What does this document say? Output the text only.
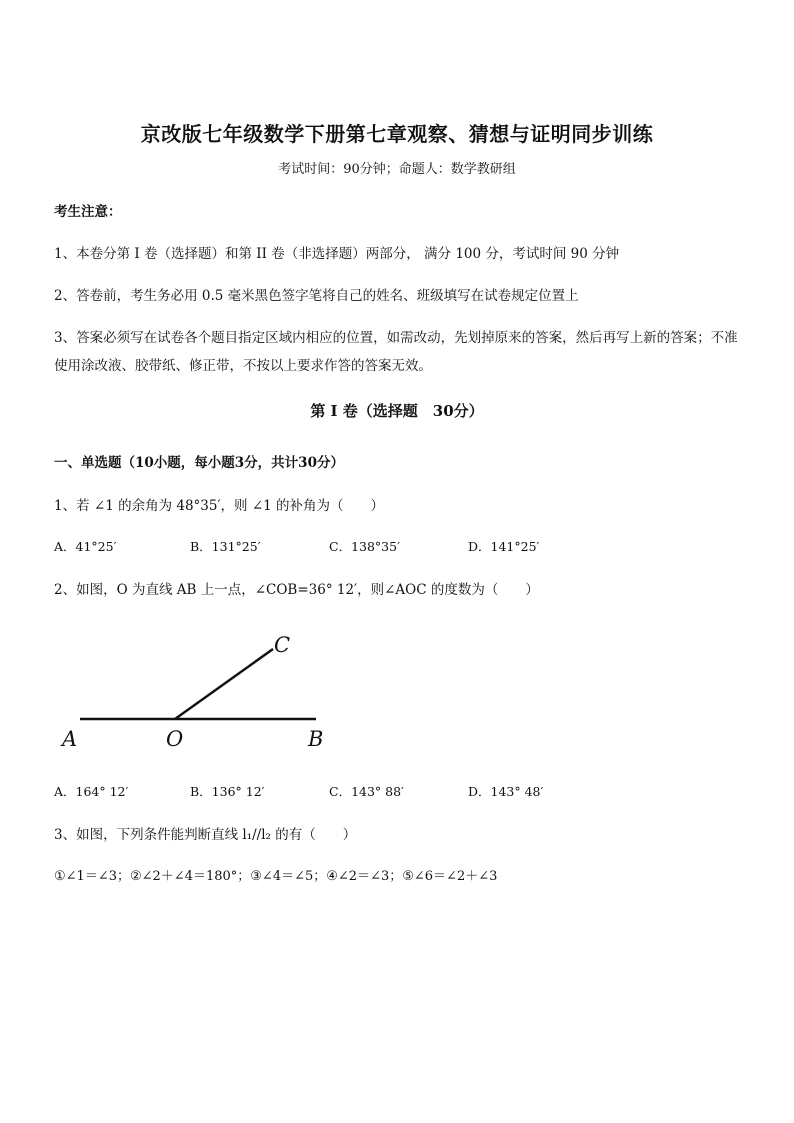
京改版七年级数学下册第七章观察、猜想与证明同步训练
考试时间：90分钟；命题人：数学教研组
考生注意：
1、本卷分第 I 卷（选择题）和第 II 卷（非选择题）两部分， 满分 100 分，考试时间 90 分钟
2、答卷前，考生务必用 0.5 毫米黑色签字笔将自己的姓名、班级填写在试卷规定位置上
3、答案必须写在试卷各个题目指定区域内相应的位置，如需改动，先划掉原来的答案，然后再写上新的答案；不准使用涂改液、胶带纸、修正带，不按以上要求作答的答案无效。
第 I 卷（选择题　30分）
一、单选题（10小题，每小题3分，共计30分）
1、若 ∠1 的余角为 48°35′，则 ∠1 的补角为（　　）
A．41°25′	B．131°25′	C．138°35′	D．141°25′
2、如图，O 为直线 AB 上一点，∠COB=36° 12′，则∠AOC 的度数为（　　）
A	O	B
C
A．164° 12′	B．136° 12′	C．143° 88′	D．143° 48′
3、如图，下列条件能判断直线 l₁//l₂ 的有（　　）
①∠1＝∠3；②∠2＋∠4＝180°；③∠4＝∠5；④∠2＝∠3；⑤∠6＝∠2＋∠3
